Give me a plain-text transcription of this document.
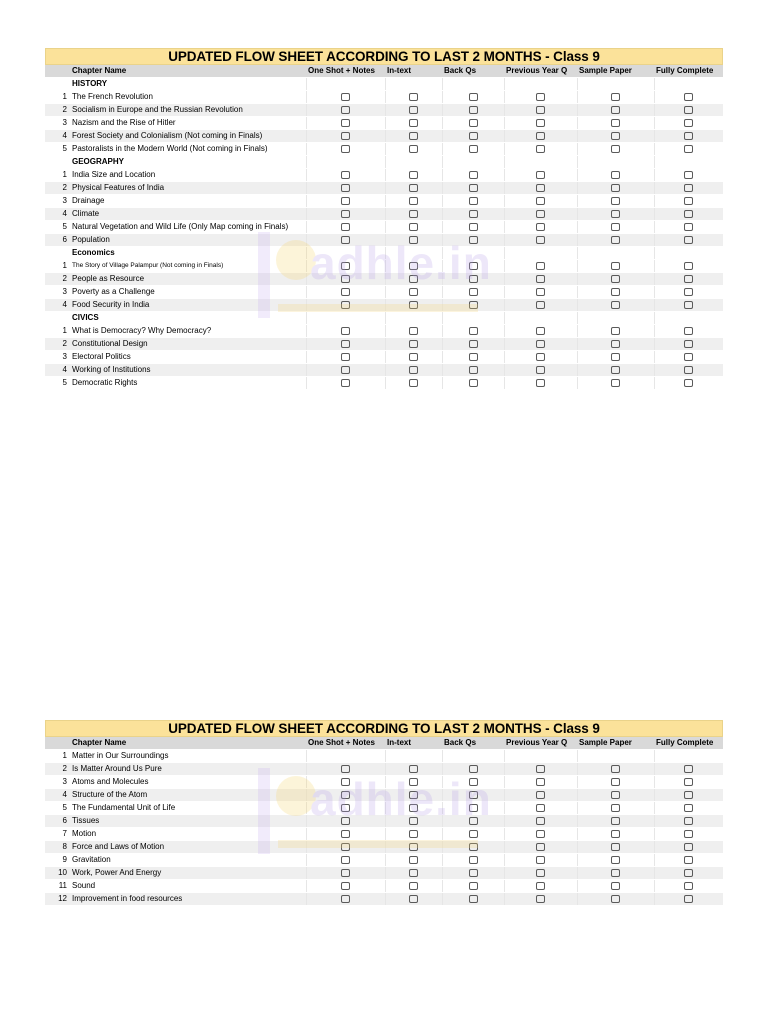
UPDATED FLOW SHEET ACCORDING TO LAST 2 MONTHS - Class 9
	Chapter Name	One Shot + Notes	In-text	Back Qs	Previous Year Q	Sample Paper	Fully Complete
	HISTORY						
1	The French Revolution						
2	Socialism in Europe and the Russian Revolution						
3	Nazism and the Rise of Hitler						
4	Forest Society and Colonialism (Not coming in Finals)						
5	Pastoralists in the Modern World (Not coming in Finals)						
	GEOGRAPHY						
1	India Size and Location						
2	Physical Features of India						
3	Drainage						
4	Climate						
5	Natural Vegetation and Wild Life (Only Map coming in Finals)						
6	Population						
	Economics						
1	The Story of Village Palampur (Not coming in Finals)						
2	People as Resource						
3	Poverty as a Challenge						
4	Food Security in India						
	CIVICS						
1	What is Democracy? Why Democracy?						
2	Constitutional Design						
3	Electoral Politics						
4	Working of Institutions						
5	Democratic Rights						
UPDATED FLOW SHEET ACCORDING TO LAST 2 MONTHS - Class 9
	Chapter Name	One Shot + Notes	In-text	Back Qs	Previous Year Q	Sample Paper	Fully Complete
1	Matter in Our Surroundings						
2	Is Matter Around Us Pure						
3	Atoms and Molecules						
4	Structure of the Atom						
5	The Fundamental Unit of Life						
6	Tissues						
7	Motion						
8	Force and Laws of Motion						
9	Gravitation						
10	Work, Power And Energy						
11	Sound						
12	Improvement in food resources						
adhle.in
adhle.in
